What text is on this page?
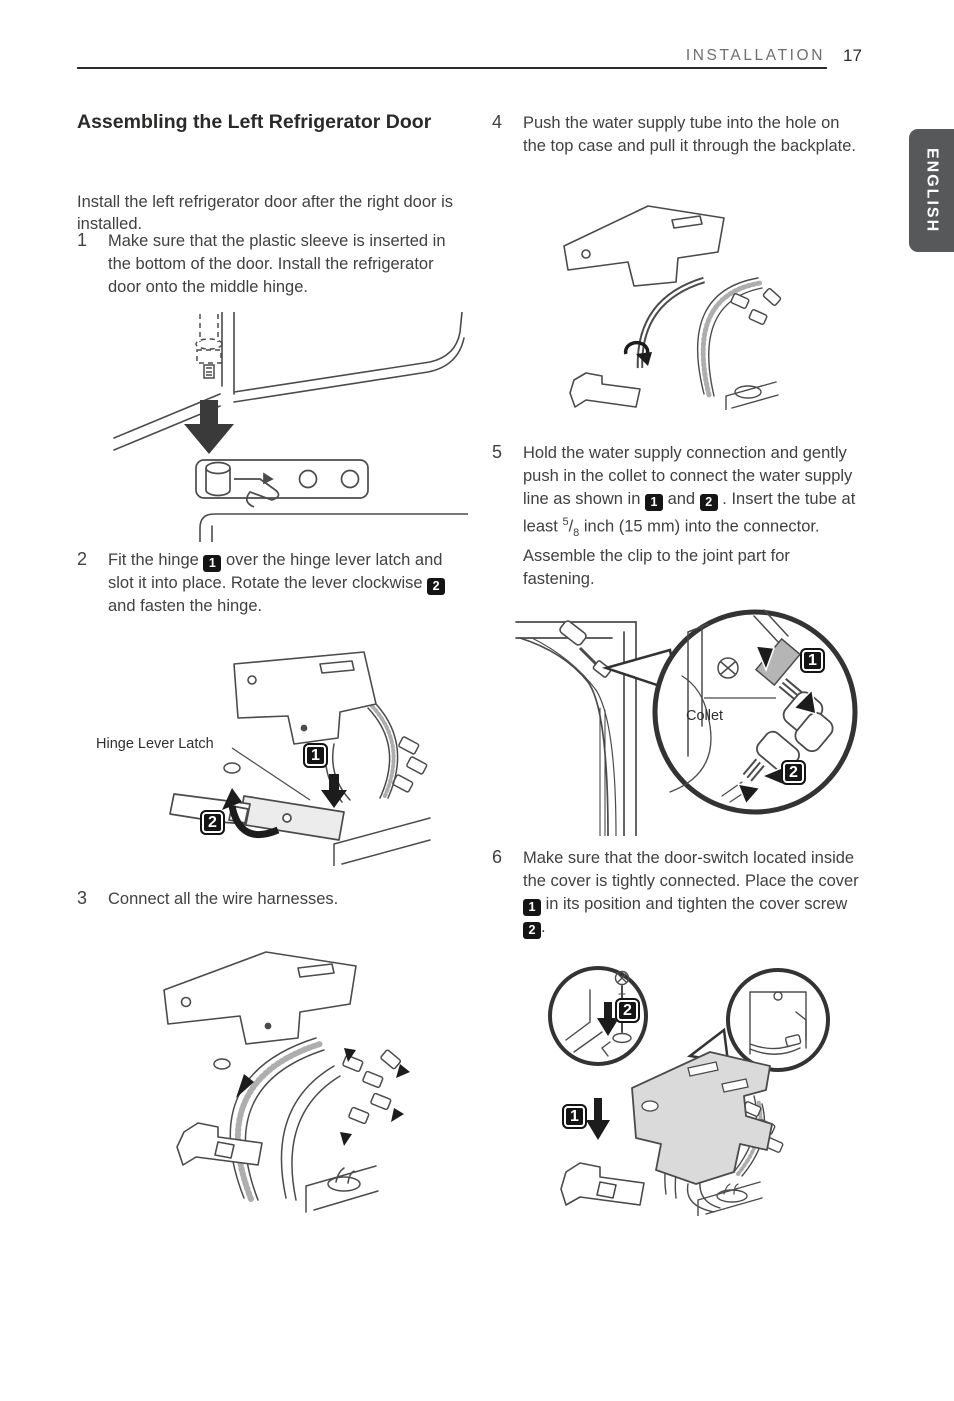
INSTALLATION 17
ENGLISH
Assembling the Left Refrigerator Door

Install the left refrigerator door after the right door is installed.

1	Make sure that the plastic sleeve is inserted in the bottom of the door. Install the refrigerator door onto the middle hinge.

2	Fit the hinge 1 over the hinge lever latch and slot it into place. Rotate the lever clockwise 2 and fasten the hinge.

Hinge Lever Latch
1
2
3	Connect all the wire harnesses.

4	Push the water supply tube into the hole on the top case and pull it through the backplate.

5	Hold the water supply connection and gently push in the collet to connect the water supply line as shown in 1 and 2 . Insert the tube at least $^5/_8$ inch (15 mm) into the connector. Assemble the clip to the joint part for fastening.

Collet
1
2
6	Make sure that the door-switch located inside the cover is tightly connected. Place the cover 1 in its position and tighten the cover screw 2 .

2
1
